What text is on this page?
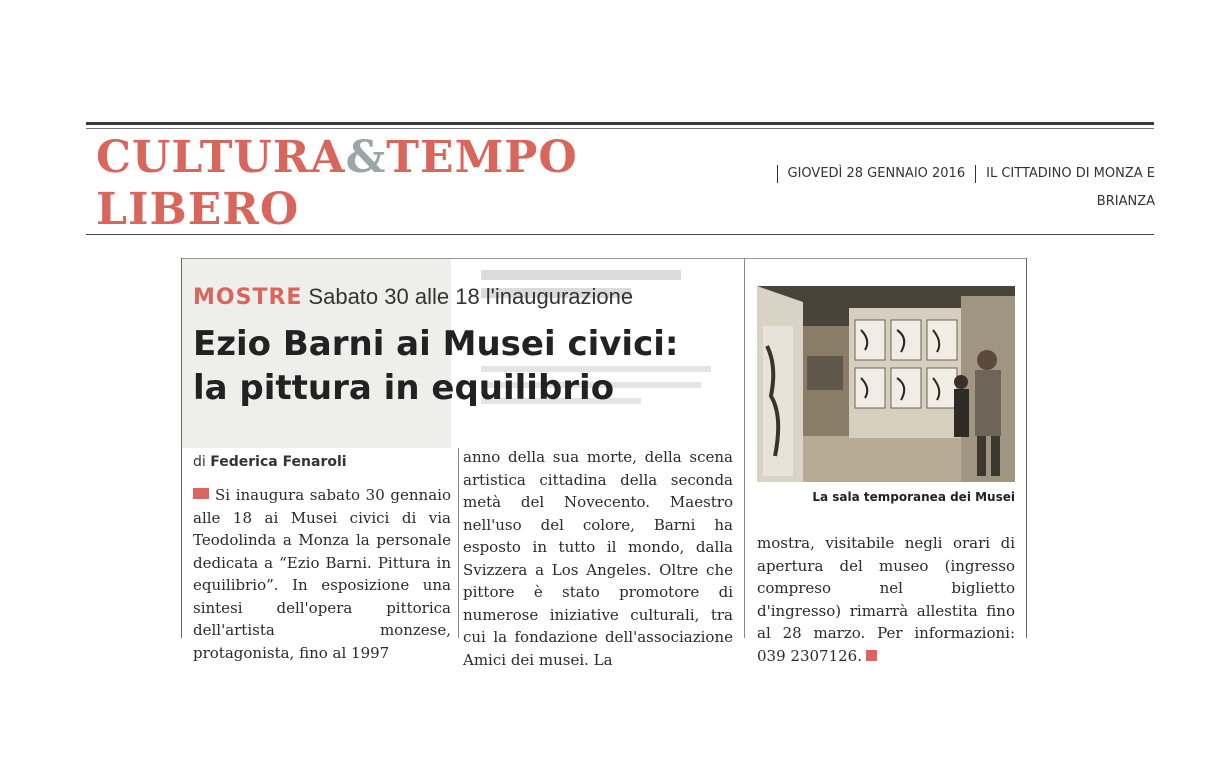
CULTURA&TEMPO
LIBERO
GIOVEDÌ 28 GENNAIO 2016 IL CITTADINO DI MONZA E
BRIANZA
MOSTRE Sabato 30 alle 18 l'inaugurazione
Ezio Barni ai Musei civici:
la pittura in equilibrio
di Federica Fenaroli
Si inaugura sabato 30 gennaio alle 18 ai Musei civici di via Teodolinda a Monza la personale dedicata a “Ezio Barni. Pittura in equilibrio”. In esposizione una sintesi dell'opera pittorica dell'artista monzese, protagonista, fino al 1997
anno della sua morte, della scena artistica cittadina della seconda metà del Novecento. Maestro nell'uso del colore, Barni ha esposto in tutto il mondo, dalla Svizzera a Los Angeles. Oltre che pittore è stato promotore di numerose iniziative culturali, tra cui la fondazione dell'associazione Amici dei musei. La
La sala temporanea dei Musei
mostra, visitabile negli orari di apertura del museo (ingresso compreso nel biglietto d'ingresso) rimarrà allestita fino al 28 marzo. Per informazioni: 039 2307126.
